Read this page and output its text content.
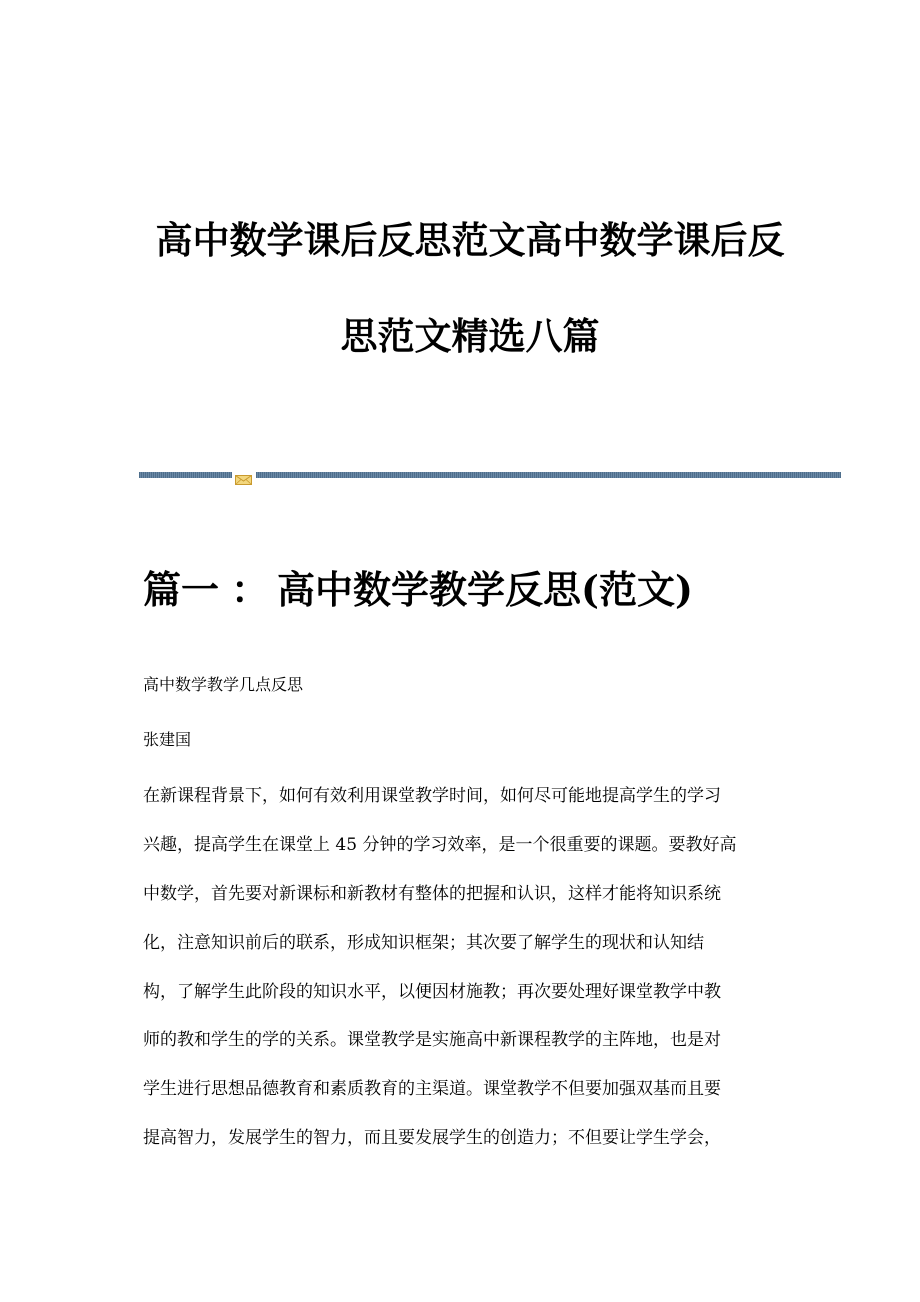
高中数学课后反思范文高中数学课后反
思范文精选八篇
篇一 ： 高中数学教学反思(范文)

高中数学教学几点反思

张建国

在新课程背景下，如何有效利用课堂教学时间，如何尽可能地提高学生的学习
兴趣，提高学生在课堂上 45 分钟的学习效率，是一个很重要的课题。要教好高
中数学，首先要对新课标和新教材有整体的把握和认识，这样才能将知识系统
化，注意知识前后的联系，形成知识框架；其次要了解学生的现状和认知结
构，了解学生此阶段的知识水平，以便因材施教；再次要处理好课堂教学中教
师的教和学生的学的关系。课堂教学是实施高中新课程教学的主阵地，也是对
学生进行思想品德教育和素质教育的主渠道。课堂教学不但要加强双基而且要
提高智力，发展学生的智力，而且要发展学生的创造力；不但要让学生学会，
